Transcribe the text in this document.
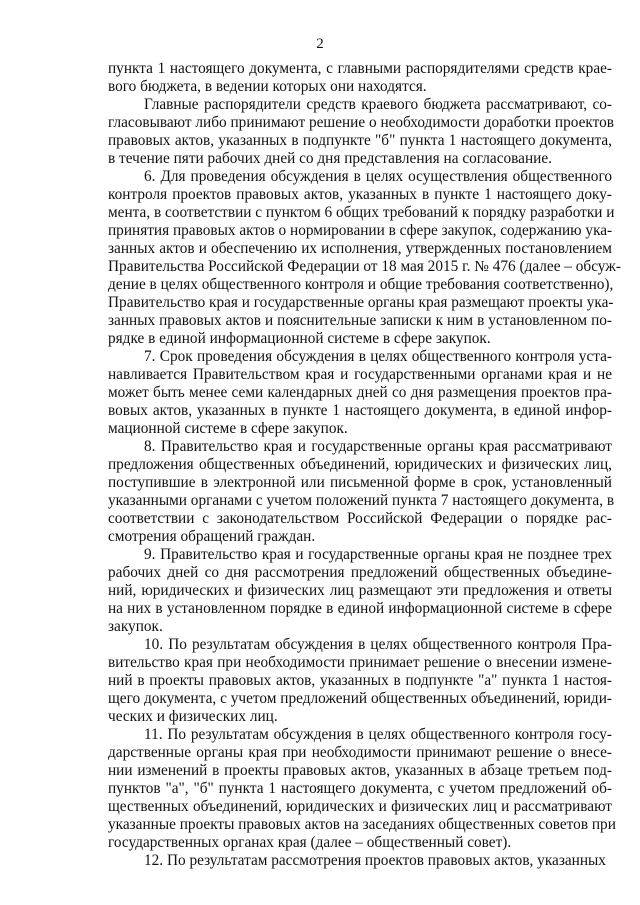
2
пункта 1 настоящего документа, с главными распорядителями средств крае-
вого бюджета, в ведении которых они находятся.
Главные распорядители средств краевого бюджета рассматривают, со-
гласовывают либо принимают решение о необходимости доработки проектов
правовых актов, указанных в подпункте "б" пункта 1 настоящего документа,
в течение пяти рабочих дней со дня представления на согласование.
6. Для проведения обсуждения в целях осуществления общественного
контроля проектов правовых актов, указанных в пункте 1 настоящего доку-
мента, в соответствии с пунктом 6 общих требований к порядку разработки и
принятия правовых актов о нормировании в сфере закупок, содержанию ука-
занных актов и обеспечению их исполнения, утвержденных постановлением
Правительства Российской Федерации от 18 мая 2015 г. № 476 (далее – обсуж-
дение в целях общественного контроля и общие требования соответственно),
Правительство края и государственные органы края размещают проекты ука-
занных правовых актов и пояснительные записки к ним в установленном по-
рядке в единой информационной системе в сфере закупок.
7. Срок проведения обсуждения в целях общественного контроля уста-
навливается Правительством края и государственными органами края и не
может быть менее семи календарных дней со дня размещения проектов пра-
вовых актов, указанных в пункте 1 настоящего документа, в единой инфор-
мационной системе в сфере закупок.
8. Правительство края и государственные органы края рассматривают
предложения общественных объединений, юридических и физических лиц,
поступившие в электронной или письменной форме в срок, установленный
указанными органами с учетом положений пункта 7 настоящего документа, в
соответствии с законодательством Российской Федерации о порядке рас-
смотрения обращений граждан.
9. Правительство края и государственные органы края не позднее трех
рабочих дней со дня рассмотрения предложений общественных объедине-
ний, юридических и физических лиц размещают эти предложения и ответы
на них в установленном порядке в единой информационной системе в сфере
закупок.
10. По результатам обсуждения в целях общественного контроля Пра-
вительство края при необходимости принимает решение о внесении измене-
ний в проекты правовых актов, указанных в подпункте "а" пункта 1 настоя-
щего документа, с учетом предложений общественных объединений, юриди-
ческих и физических лиц.
11. По результатам обсуждения в целях общественного контроля госу-
дарственные органы края при необходимости принимают решение о внесе-
нии изменений в проекты правовых актов, указанных в абзаце третьем под-
пунктов "а", "б" пункта 1 настоящего документа, с учетом предложений об-
щественных объединений, юридических и физических лиц и рассматривают
указанные проекты правовых актов на заседаниях общественных советов при
государственных органах края (далее – общественный совет).
12. По результатам рассмотрения проектов правовых актов, указанных
